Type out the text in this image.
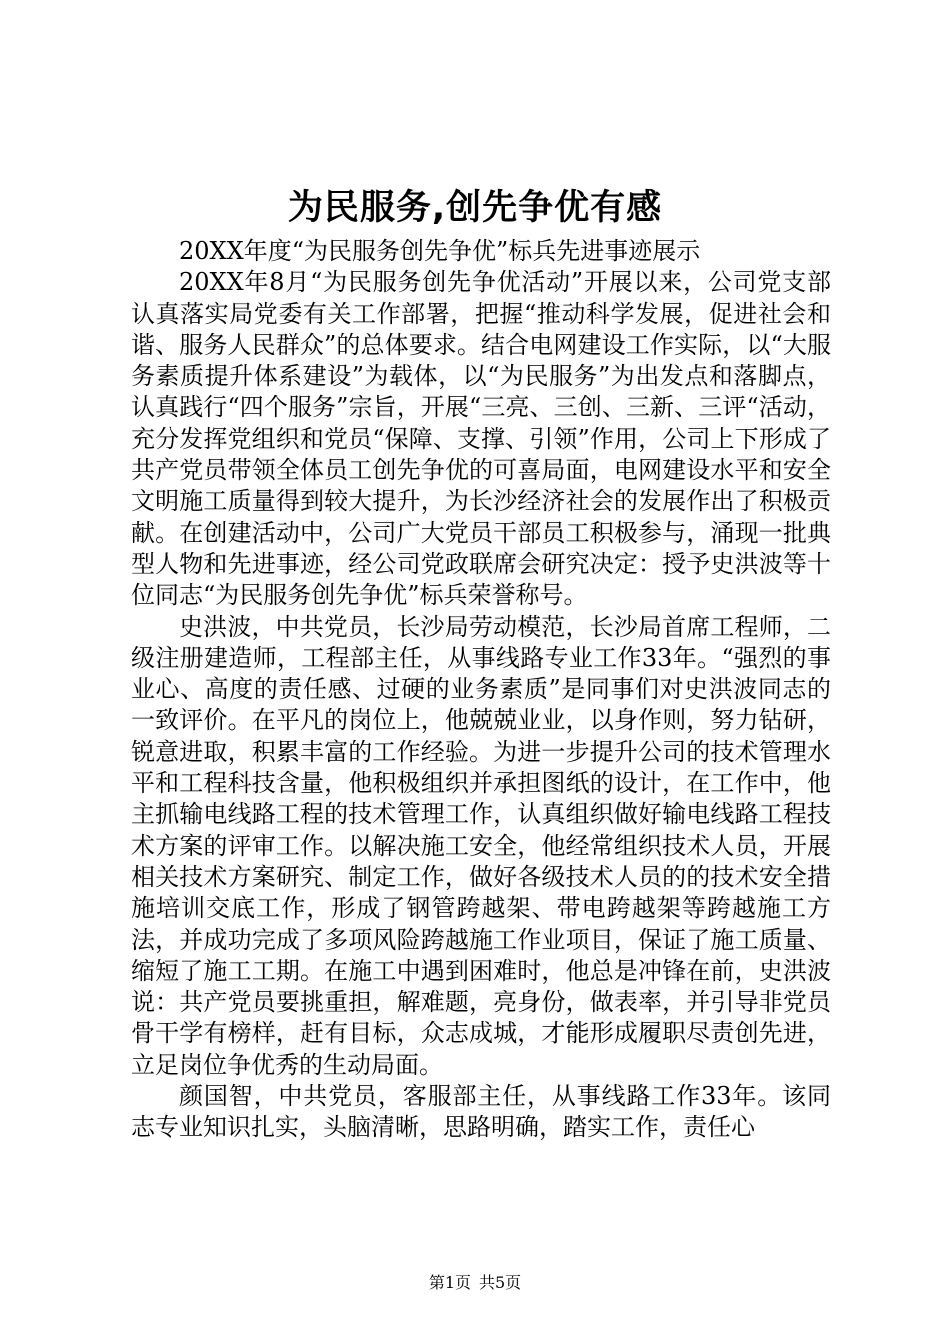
为民服务,创先争优有感

20XX年度“为民服务创先争优”标兵先进事迹展示

20XX年8月“为民服务创先争优活动”开展以来，公司党支部认真落实局党委有关工作部署，把握“推动科学发展，促进社会和谐、服务人民群众”的总体要求。结合电网建设工作实际，以“大服务素质提升体系建设”为载体，以“为民服务”为出发点和落脚点，认真践行“四个服务”宗旨，开展“三亮、三创、三新、三评“活动，充分发挥党组织和党员“保障、支撑、引领”作用，公司上下形成了共产党员带领全体员工创先争优的可喜局面，电网建设水平和安全文明施工质量得到较大提升，为长沙经济社会的发展作出了积极贡献。在创建活动中，公司广大党员干部员工积极参与，涌现一批典型人物和先进事迹，经公司党政联席会研究决定：授予史洪波等十位同志“为民服务创先争优”标兵荣誉称号。

史洪波，中共党员，长沙局劳动模范，长沙局首席工程师，二级注册建造师，工程部主任，从事线路专业工作33年。“强烈的事业心、高度的责任感、过硬的业务素质”是同事们对史洪波同志的一致评价。在平凡的岗位上，他兢兢业业，以身作则，努力钻研，锐意进取，积累丰富的工作经验。为进一步提升公司的技术管理水平和工程科技含量，他积极组织并承担图纸的设计，在工作中，他主抓输电线路工程的技术管理工作，认真组织做好输电线路工程技术方案的评审工作。以解决施工安全，他经常组织技术人员，开展相关技术方案研究、制定工作，做好各级技术人员的的技术安全措施培训交底工作，形成了钢管跨越架、带电跨越架等跨越施工方法，并成功完成了多项风险跨越施工作业项目，保证了施工质量、缩短了施工工期。在施工中遇到困难时，他总是冲锋在前，史洪波说：共产党员要挑重担，解难题，亮身份，做表率，并引导非党员骨干学有榜样，赶有目标，众志成城，才能形成履职尽责创先进，立足岗位争优秀的生动局面。

颜国智，中共党员，客服部主任，从事线路工作33年。该同志专业知识扎实，头脑清晰，思路明确，踏实工作，责任心

第1页 共5页
